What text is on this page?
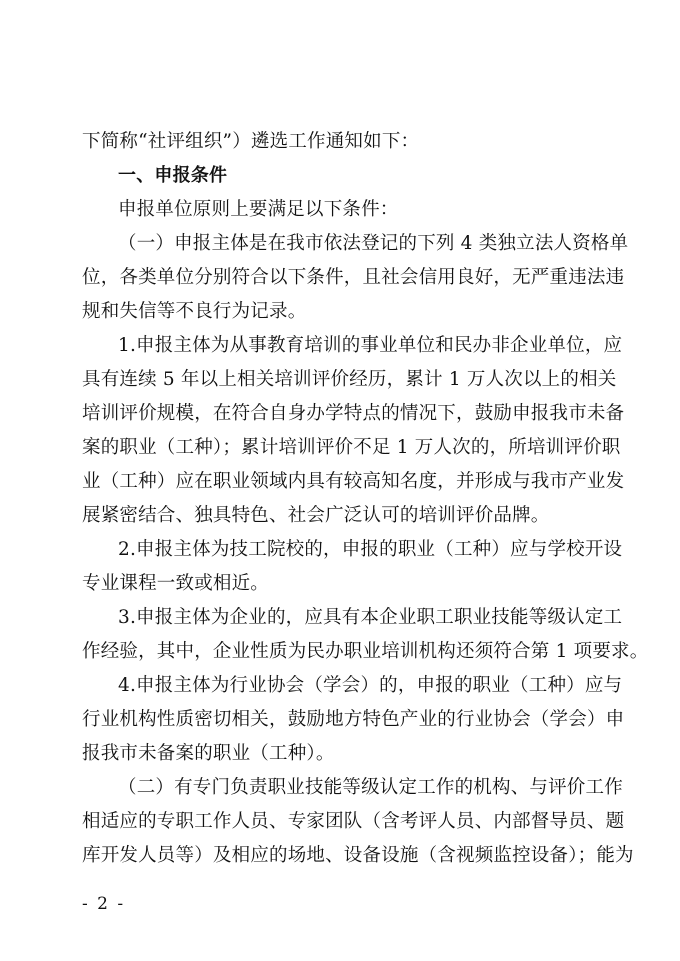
下简称“社评组织”）遴选工作通知如下：
一、申报条件
申报单位原则上要满足以下条件：
（一）申报主体是在我市依法登记的下列 4 类独立法人资格单
位，各类单位分别符合以下条件，且社会信用良好，无严重违法违
规和失信等不良行为记录。
1.申报主体为从事教育培训的事业单位和民办非企业单位，应
具有连续 5 年以上相关培训评价经历，累计 1 万人次以上的相关
培训评价规模，在符合自身办学特点的情况下，鼓励申报我市未备
案的职业（工种）；累计培训评价不足 1 万人次的，所培训评价职
业（工种）应在职业领域内具有较高知名度，并形成与我市产业发
展紧密结合、独具特色、社会广泛认可的培训评价品牌。
2.申报主体为技工院校的，申报的职业（工种）应与学校开设
专业课程一致或相近。
3.申报主体为企业的，应具有本企业职工职业技能等级认定工
作经验，其中，企业性质为民办职业培训机构还须符合第 1 项要求。
4.申报主体为行业协会（学会）的，申报的职业（工种）应与
行业机构性质密切相关，鼓励地方特色产业的行业协会（学会）申
报我市未备案的职业（工种）。
（二）有专门负责职业技能等级认定工作的机构、与评价工作
相适应的专职工作人员、专家团队（含考评人员、内部督导员、题
库开发人员等）及相应的场地、设备设施（含视频监控设备）；能为
- 2 -
